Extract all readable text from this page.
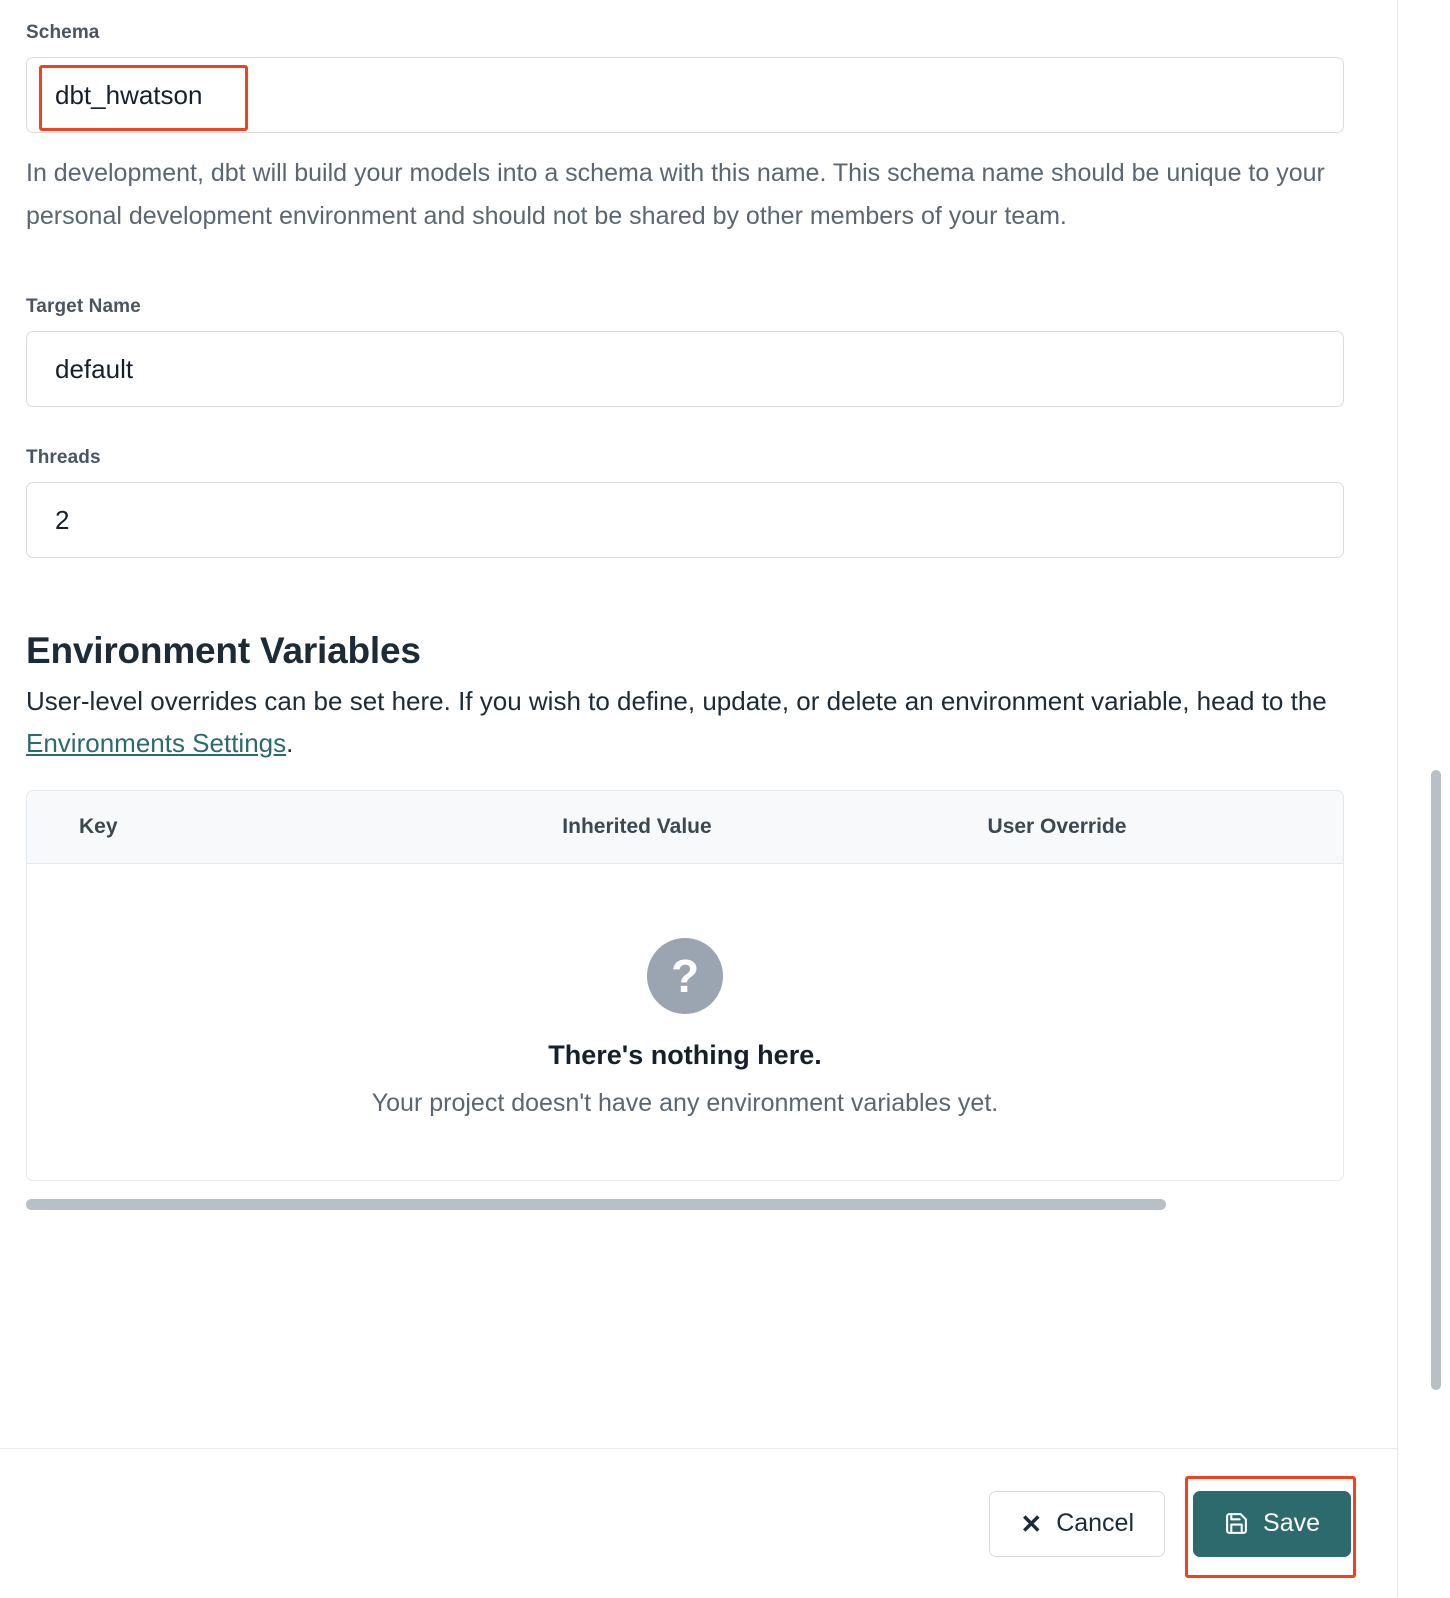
Schema
dbt_hwatson

In development, dbt will build your models into a schema with this name. This schema name should be unique to your personal development environment and should not be shared by other members of your team.

Target Name
default
Threads
2
Environment Variables

User-level overrides can be set here. If you wish to define, update, or delete an environment variable, head to the Environments Settings.

Key	Inherited Value	User Override
?
There's nothing here.
Your project doesn't have any environment variables yet.
✕ Cancel	Save
